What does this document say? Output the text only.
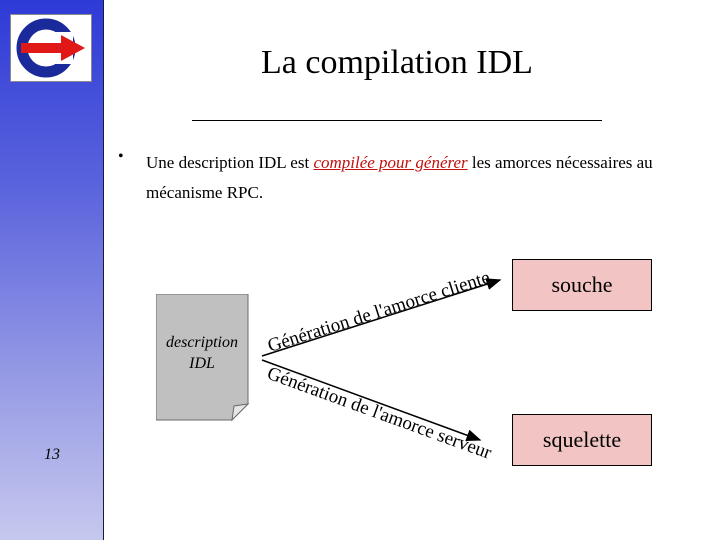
13
La compilation IDL
• Une description IDL est compilée pour générer les amorces nécessaires au mécanisme RPC.
description
IDL
Génération de l'amorce cliente
Génération de l'amorce serveur
souche
squelette
